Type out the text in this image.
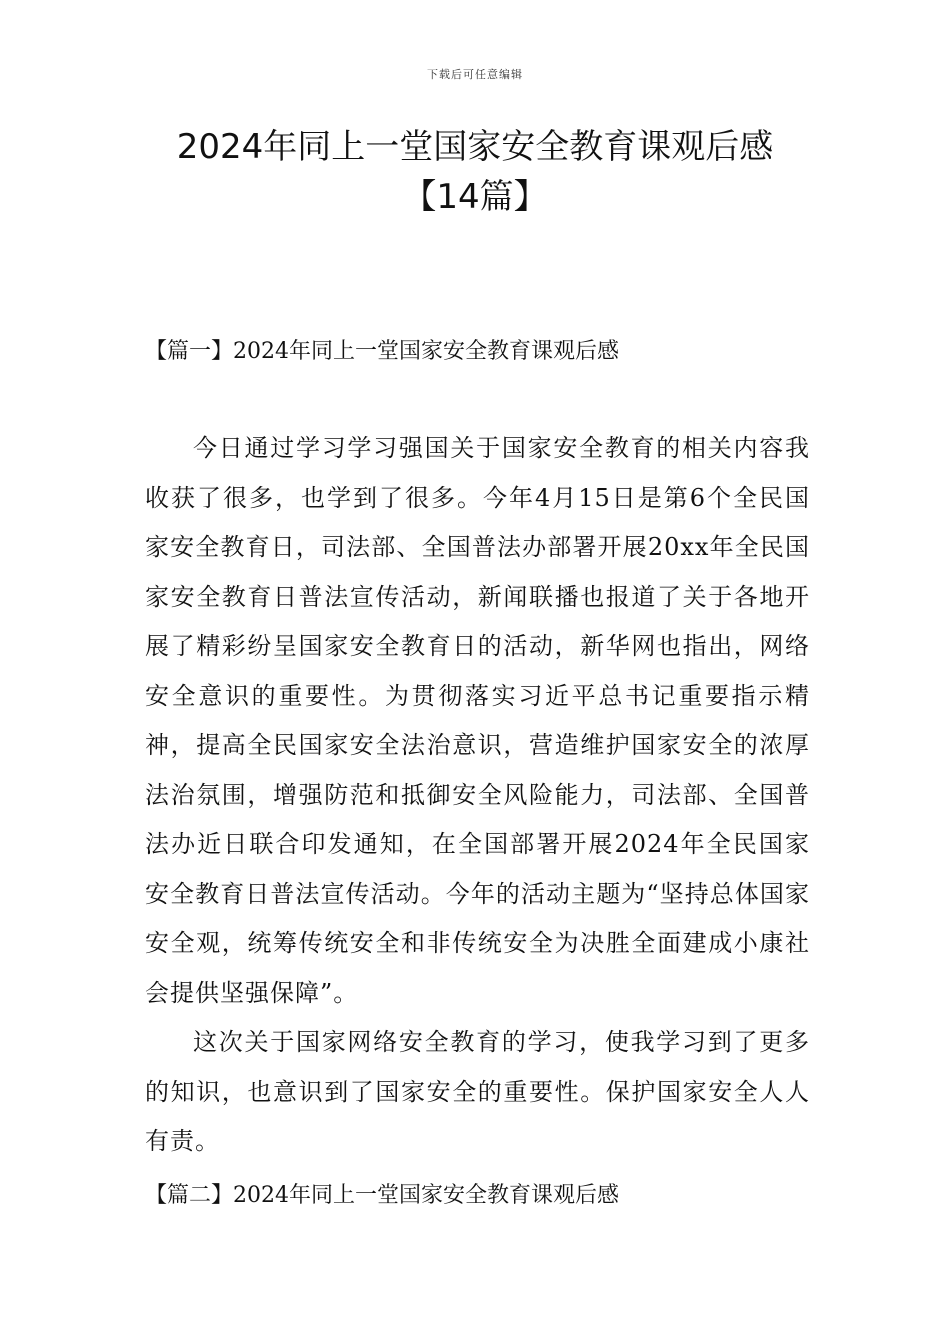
下载后可任意编辑
2024年同上一堂国家安全教育课观后感
【14篇】
【篇一】2024年同上一堂国家安全教育课观后感

今日通过学习学习强国关于国家安全教育的相关内容我收获了很多，也学到了很多。今年4月15日是第6个全民国家安全教育日，司法部、全国普法办部署开展20xx年全民国家安全教育日普法宣传活动，新闻联播也报道了关于各地开展了精彩纷呈国家安全教育日的活动，新华网也指出，网络安全意识的重要性。为贯彻落实习近平总书记重要指示精神，提高全民国家安全法治意识，营造维护国家安全的浓厚法治氛围，增强防范和抵御安全风险能力，司法部、全国普法办近日联合印发通知，在全国部署开展2024年全民国家安全教育日普法宣传活动。今年的活动主题为“坚持总体国家安全观，统筹传统安全和非传统安全为决胜全面建成小康社会提供坚强保障”。

这次关于国家网络安全教育的学习，使我学习到了更多的知识，也意识到了国家安全的重要性。保护国家安全人人有责。

【篇二】2024年同上一堂国家安全教育课观后感
